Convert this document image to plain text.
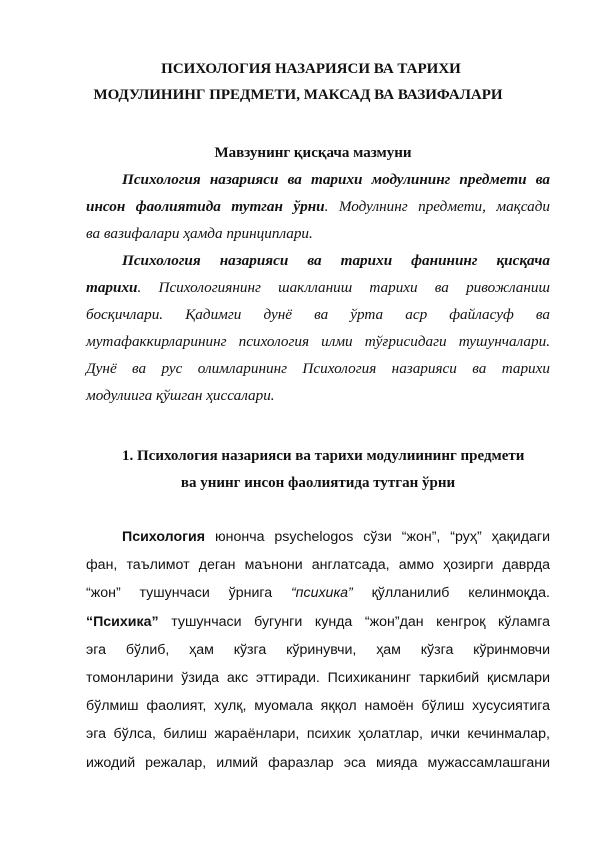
ПСИХОЛОГИЯ НАЗАРИЯСИ ВА ТАРИХИ
МОДУЛИНИНГ ПРЕДМЕТИ, МАКСАД ВА ВАЗИФАЛАРИ
Мавзунинг қисқача мазмуни
Психология назарияси ва тарихи модулининг предмети ва
инсон фаолиятида тутган ўрни. Модулнинг предмети, мақсади
ва вазифалари ҳамда принциплари.
Психология назарияси ва тарихи фанининг қисқача
тарихи. Психологиянинг шаклланиш тарихи ва ривожланиш
босқичлари. Қадимги дунё ва ўрта аср файласуф ва
мутафаккирларининг психология илми тўғрисидаги тушунчалари.
Дунё ва рус олимларининг Психология назарияси ва тарихи
модулиига қўшган ҳиссалари.
1. Психология назарияси ва тарихи модулиининг предмети
ва унинг инсон фаолиятида тутган ўрни
Психология юнонча psychelogos сўзи “жон”, “руҳ” ҳақидаги
фан, таълимот деган маънони англатсада, аммо ҳозирги даврда
“жон” тушунчаси ўрнига “психика” қўлланилиб келинмоқда.
“Психика” тушунчаси бугунги кунда “жон”дан кенгроқ кўламга
эга бўлиб, ҳам кўзга кўринувчи, ҳам кўзга кўринмовчи
томонларини ўзида акс эттиради. Психиканинг таркибий қисмлари
бўлмиш фаолият, хулқ, муомала яққол намоён бўлиш хусусиятига
эга бўлса, билиш жараёнлари, психик ҳолатлар, ички кечинмалар,
ижодий режалар, илмий фаразлар эса мияда мужассамлашгани
